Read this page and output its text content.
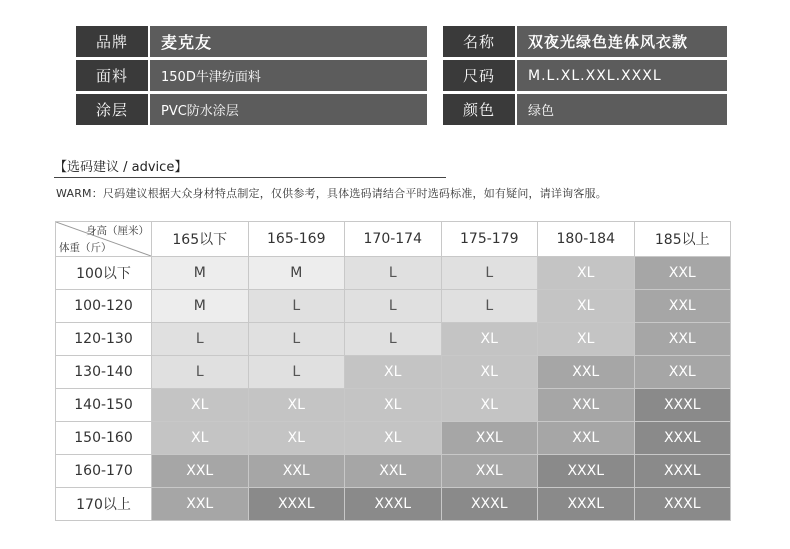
品牌	麦克友	名称	双夜光绿色连体风衣款
面料	150D牛津纺面料	尺码	M.L.XL.XXL.XXXL
涂层	PVC防水涂层	颜色	绿色
【选码建议 / advice】
WARM：尺码建议根据大众身材特点制定，仅供参考，具体选码请结合平时选码标准，如有疑问，请详询客服。
身高（厘米）
体重（斤）	165以下	165-169	170-174	175-179	180-184	185以上
100以下	M	M	L	L	XL	XXL
100-120	M	L	L	L	XL	XXL
120-130	L	L	L	XL	XL	XXL
130-140	L	L	XL	XL	XXL	XXL
140-150	XL	XL	XL	XL	XXL	XXXL
150-160	XL	XL	XL	XXL	XXL	XXXL
160-170	XXL	XXL	XXL	XXL	XXXL	XXXL
170以上	XXL	XXXL	XXXL	XXXL	XXXL	XXXL
